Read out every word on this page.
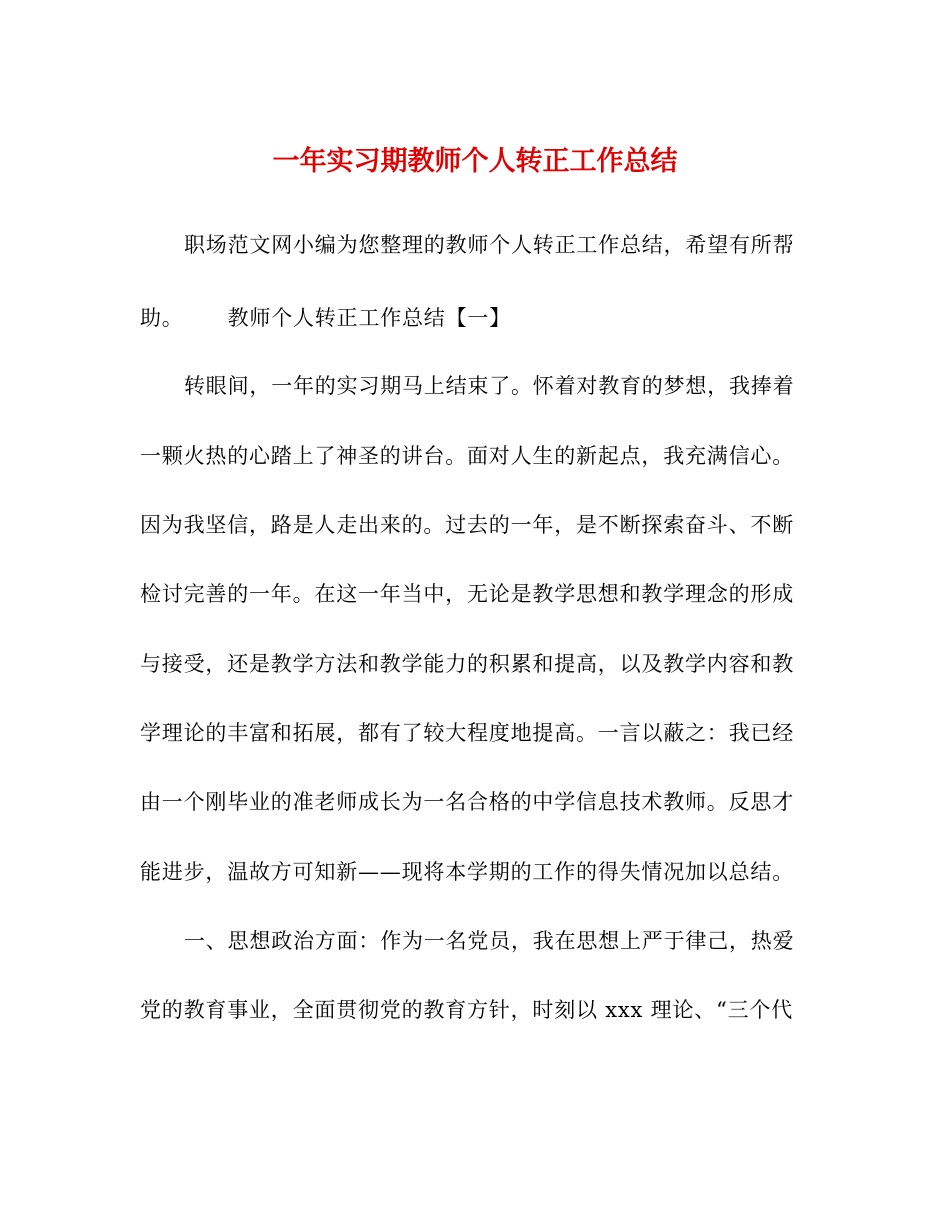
一年实习期教师个人转正工作总结
职场范文网小编为您整理的教师个人转正工作总结，希望有所帮
助。 教师个人转正工作总结【一】
转眼间，一年的实习期马上结束了。怀着对教育的梦想，我捧着
一颗火热的心踏上了神圣的讲台。面对人生的新起点，我充满信心。
因为我坚信，路是人走出来的。过去的一年，是不断探索奋斗、不断
检讨完善的一年。在这一年当中，无论是教学思想和教学理念的形成
与接受，还是教学方法和教学能力的积累和提高，以及教学内容和教
学理论的丰富和拓展，都有了较大程度地提高。一言以蔽之：我已经
由一个刚毕业的准老师成长为一名合格的中学信息技术教师。反思才
能进步，温故方可知新——现将本学期的工作的得失情况加以总结。
一、思想政治方面：作为一名党员，我在思想上严于律己，热爱
党的教育事业，全面贯彻党的教育方针，时刻以 xxx 理论、“三个代
